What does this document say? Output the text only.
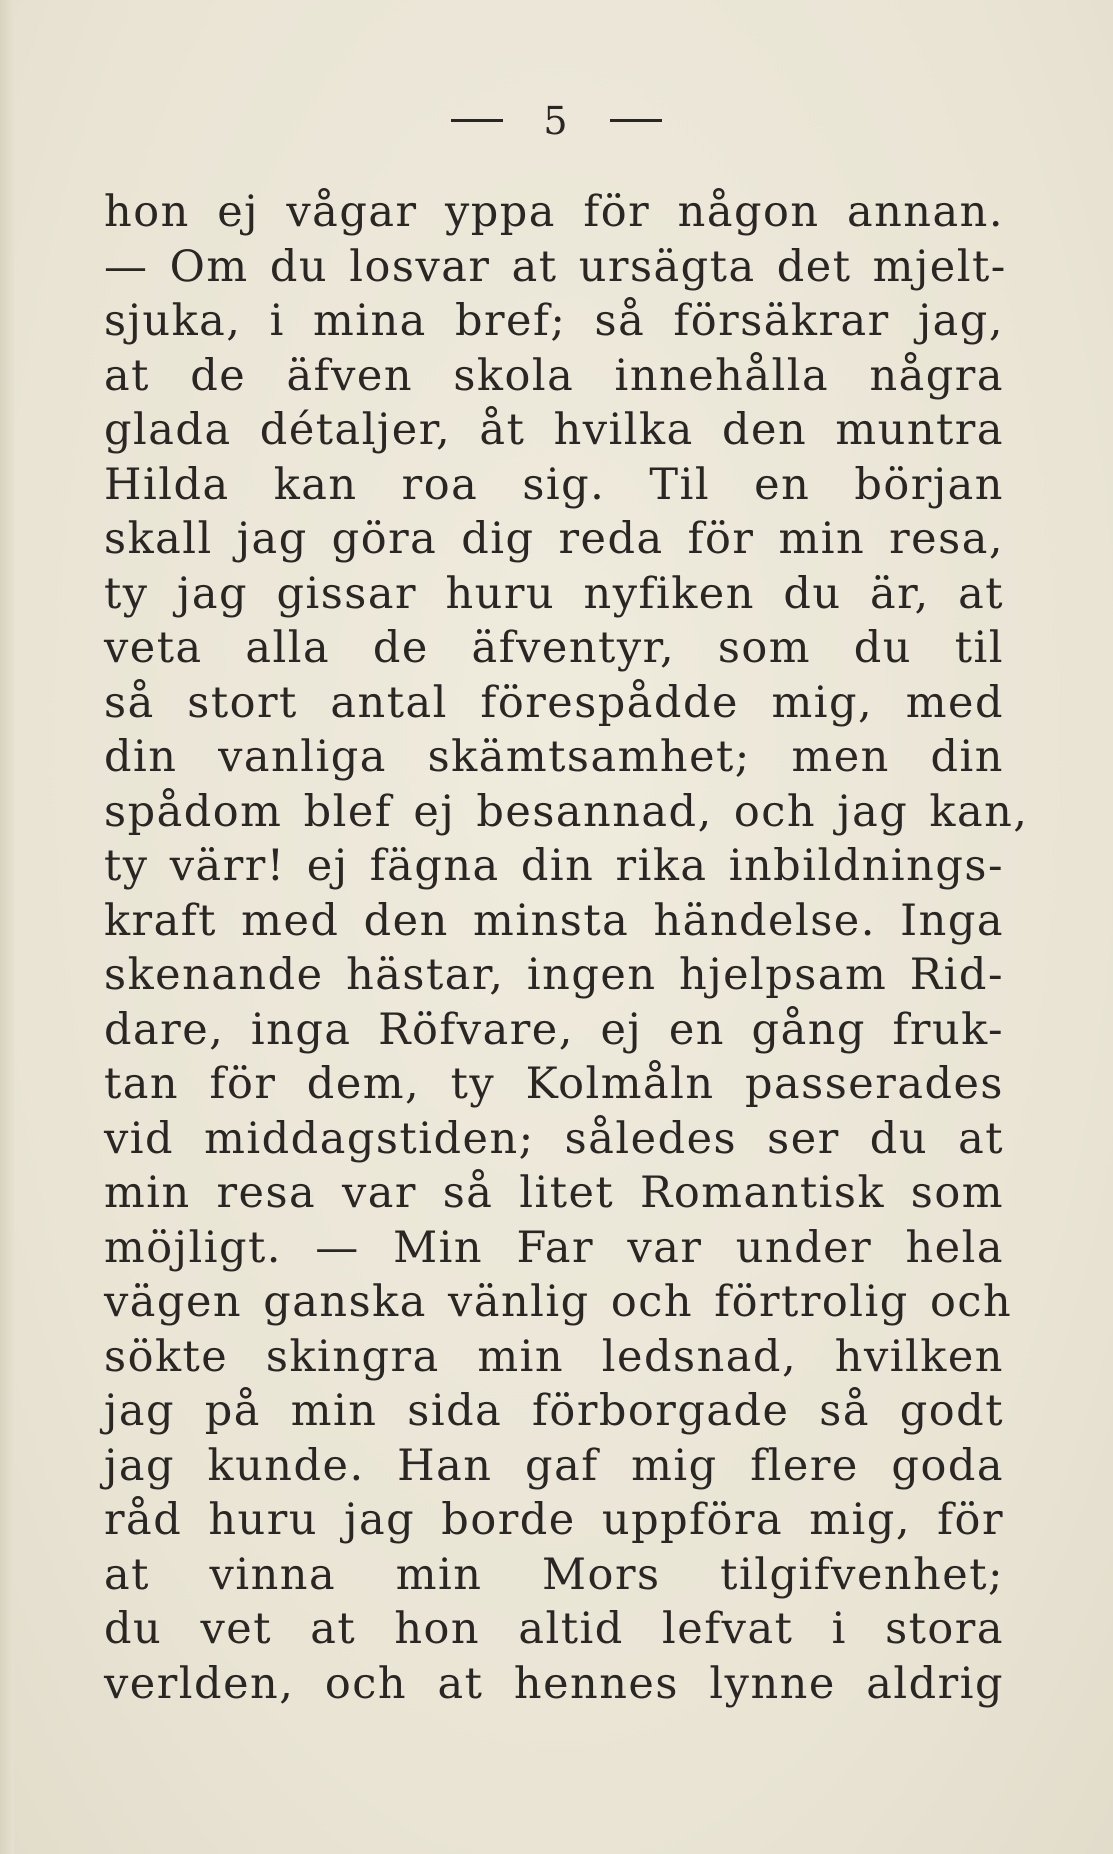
5
hon ej vågar yppa för någon annan.
— Om du losvar at ursägta det mjelt-
sjuka, i mina bref; så försäkrar jag,
at de äfven skola innehålla några
glada détaljer, åt hvilka den muntra
Hilda kan roa sig. Til en början
skall jag göra dig reda för min resa,
ty jag gissar huru nyfiken du är, at
veta alla de äfventyr, som du til
så stort antal förespådde mig, med
din vanliga skämtsamhet; men din
spådom blef ej besannad, och jag kan,
ty värr! ej fägna din rika inbildnings-
kraft med den minsta händelse. Inga
skenande hästar, ingen hjelpsam Rid-
dare, inga Röfvare, ej en gång fruk-
tan för dem, ty Kolmåln passerades
vid middagstiden; således ser du at
min resa var så litet Romantisk som
möjligt. — Min Far var under hela
vägen ganska vänlig och förtrolig och
sökte skingra min ledsnad, hvilken
jag på min sida förborgade så godt
jag kunde. Han gaf mig flere goda
råd huru jag borde uppföra mig, för
at vinna min Mors tilgifvenhet;
du vet at hon altid lefvat i stora
verlden, och at hennes lynne aldrig
